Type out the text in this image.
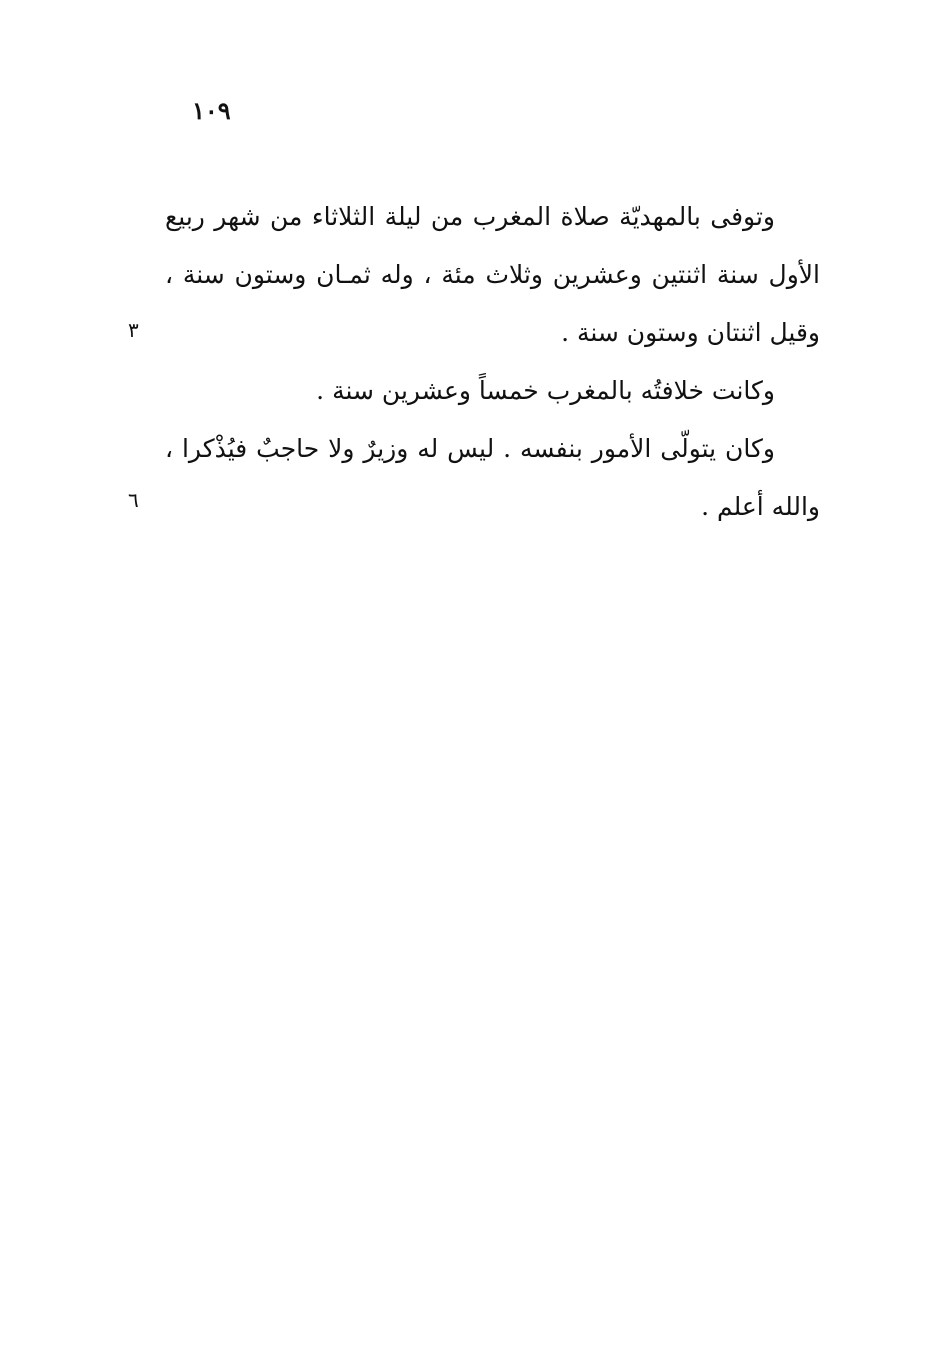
١٠٩

وتوفى بالمهديّة صلاة المغرب من ليلة الثلاثاء من شهر ربيع الأول سنة اثنتين وعشرين وثلاث مئة ، وله ثمـان وستون سنة ، وقيل اثنتان وستون سنة .

وكانت خلافتُه بالمغرب خمساً وعشرين سنة .

وكان يتولّى الأمور بنفسه . ليس له وزيرٌ ولا حاجبٌ فيُذْكرا ، والله أعلم .

٣
٦
